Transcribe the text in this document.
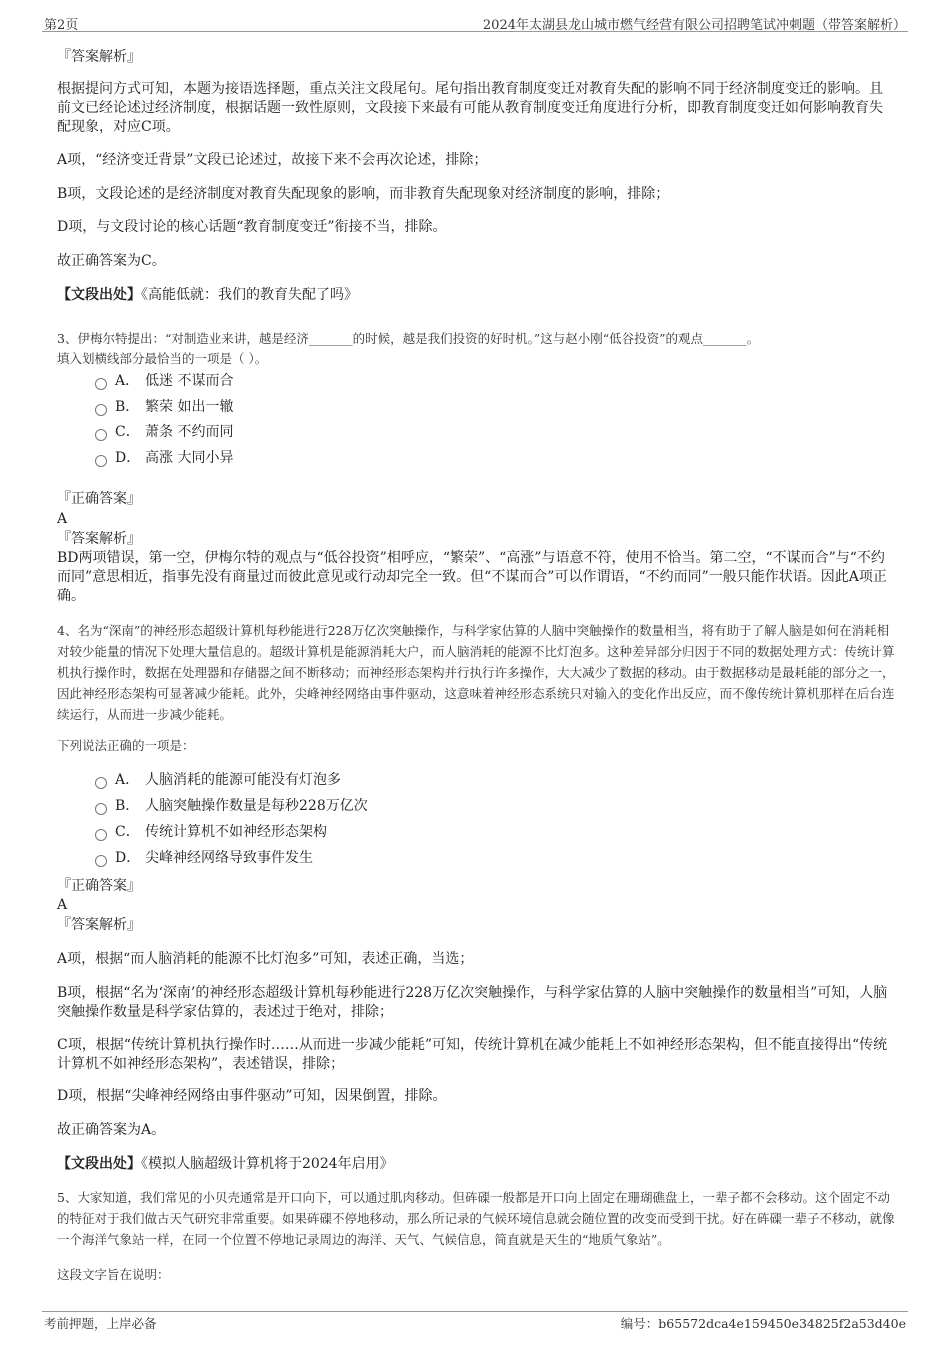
第2页	2024年太湖县龙山城市燃气经营有限公司招聘笔试冲刺题（带答案解析）
『答案解析』
根据提问方式可知，本题为接语选择题，重点关注文段尾句。尾句指出教育制度变迁对教育失配的影响不同于经济制度变迁的影响。且前文已经论述过经济制度，根据话题一致性原则，文段接下来最有可能从教育制度变迁角度进行分析，即教育制度变迁如何影响教育失配现象，对应C项。
A项，“经济变迁背景”文段已论述过，故接下来不会再次论述，排除；
B项，文段论述的是经济制度对教育失配现象的影响，而非教育失配现象对经济制度的影响，排除；
D项，与文段讨论的核心话题“教育制度变迁”衔接不当，排除。
故正确答案为C。
【文段出处】《高能低就：我们的教育失配了吗》
3、伊梅尔特提出：“对制造业来讲，越是经济_______的时候，越是我们投资的好时机。”这与赵小刚“低谷投资”的观点_______。
填入划横线部分最恰当的一项是（ ）。
A． 低迷 不谋而合
B． 繁荣 如出一辙
C． 萧条 不约而同
D． 高涨 大同小异
『正确答案』
A
『答案解析』
BD两项错误，第一空，伊梅尔特的观点与“低谷投资”相呼应，“繁荣”、“高涨”与语意不符，使用不恰当。第二空，“不谋而合”与“不约而同”意思相近，指事先没有商量过而彼此意见或行动却完全一致。但“不谋而合”可以作谓语，“不约而同”一般只能作状语。因此A项正确。
4、名为“深南”的神经形态超级计算机每秒能进行228万亿次突触操作，与科学家估算的人脑中突触操作的数量相当，将有助于了解人脑是如何在消耗相对较少能量的情况下处理大量信息的。超级计算机是能源消耗大户，而人脑消耗的能源不比灯泡多。这种差异部分归因于不同的数据处理方式：传统计算机执行操作时，数据在处理器和存储器之间不断移动；而神经形态架构并行执行许多操作，大大减少了数据的移动。由于数据移动是最耗能的部分之一，因此神经形态架构可显著减少能耗。此外，尖峰神经网络由事件驱动，这意味着神经形态系统只对输入的变化作出反应，而不像传统计算机那样在后台连续运行，从而进一步减少能耗。
下列说法正确的一项是：
A． 人脑消耗的能源可能没有灯泡多
B． 人脑突触操作数量是每秒228万亿次
C． 传统计算机不如神经形态架构
D． 尖峰神经网络导致事件发生
『正确答案』
A
『答案解析』
A项，根据“而人脑消耗的能源不比灯泡多”可知，表述正确，当选；
B项，根据“名为‘深南’的神经形态超级计算机每秒能进行228万亿次突触操作，与科学家估算的人脑中突触操作的数量相当”可知，人脑突触操作数量是科学家估算的，表述过于绝对，排除；
C项，根据“传统计算机执行操作时……从而进一步减少能耗”可知，传统计算机在减少能耗上不如神经形态架构，但不能直接得出“传统计算机不如神经形态架构”，表述错误，排除；
D项，根据“尖峰神经网络由事件驱动”可知，因果倒置，排除。
故正确答案为A。
【文段出处】《模拟人脑超级计算机将于2024年启用》
5、大家知道，我们常见的小贝壳通常是开口向下，可以通过肌肉移动。但砗磲一般都是开口向上固定在珊瑚礁盘上，一辈子都不会移动。这个固定不动的特征对于我们做古天气研究非常重要。如果砗磲不停地移动，那么所记录的气候环境信息就会随位置的改变而受到干扰。好在砗磲一辈子不移动，就像一个海洋气象站一样，在同一个位置不停地记录周边的海洋、天气、气候信息，简直就是天生的“地质气象站”。
这段文字旨在说明：
考前押题，上岸必备	编号：b65572dca4e159450e34825f2a53d40e
